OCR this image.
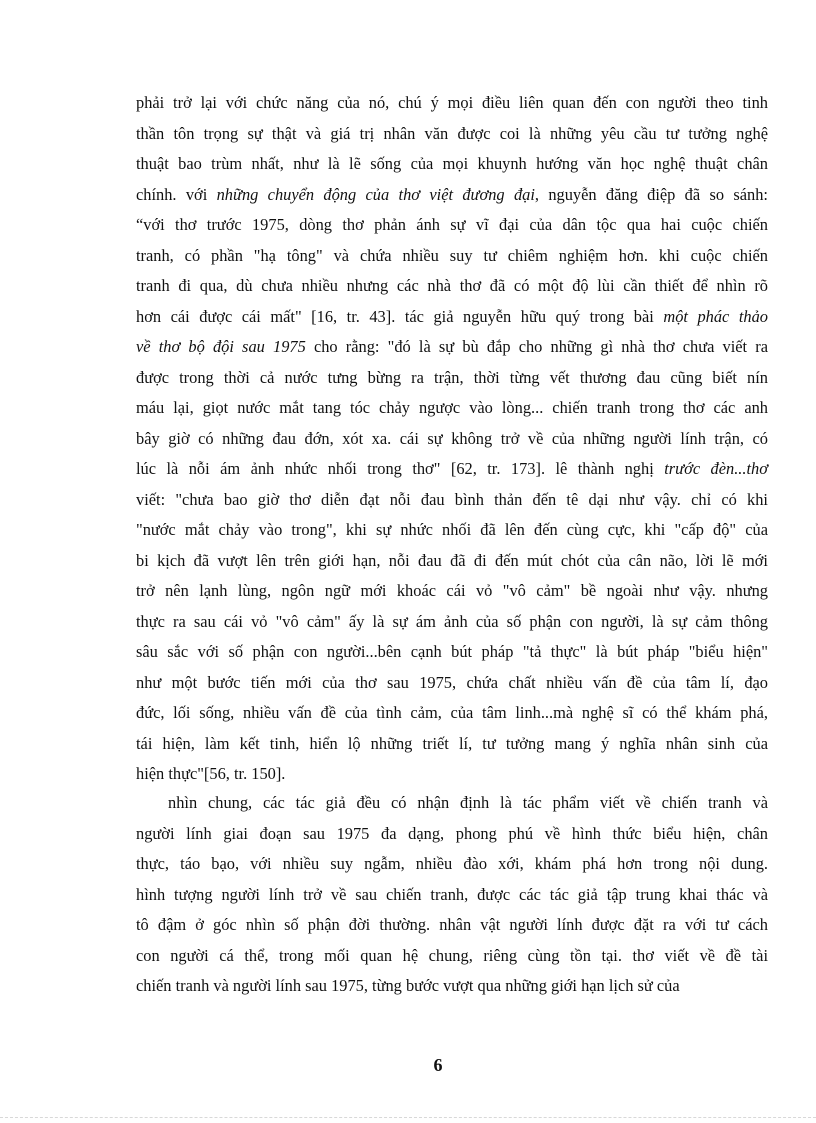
phải trở lại với chức năng của nó, chú ý mọi điều liên quan đến con người theo tinh
thần tôn trọng sự thật và giá trị nhân văn được coi là những yêu cầu tư tưởng nghệ
thuật bao trùm nhất, như là lẽ sống của mọi khuynh hướng văn học nghệ thuật chân
chính. với những chuyển động của thơ việt đương đại, nguyễn đăng điệp đã so sánh:
“với thơ trước 1975, dòng thơ phản ánh sự vĩ đại của dân tộc qua hai cuộc chiến
tranh, có phần "hạ tông" và chứa nhiều suy tư chiêm nghiệm hơn. khi cuộc chiến
tranh đi qua, dù chưa nhiều nhưng các nhà thơ đã có một độ lùi cần thiết để nhìn rõ
hơn cái được cái mất" [16, tr. 43]. tác giả nguyễn hữu quý trong bài một phác thảo
về thơ bộ đội sau 1975 cho rằng: "đó là sự bù đắp cho những gì nhà thơ chưa viết ra
được trong thời cả nước tưng bừng ra trận, thời từng vết thương đau cũng biết nín
máu lại, giọt nước mắt tang tóc chảy ngược vào lòng... chiến tranh trong thơ các anh
bây giờ có những đau đớn, xót xa. cái sự không trở về của những người lính trận, có
lúc là nỗi ám ảnh nhức nhối trong thơ" [62, tr. 173]. lê thành nghị trước đèn...thơ
viết: "chưa bao giờ thơ diễn đạt nỗi đau bình thản đến tê dại như vậy. chỉ có khi
"nước mắt chảy vào trong", khi sự nhức nhối đã lên đến cùng cực, khi "cấp độ" của
bi kịch đã vượt lên trên giới hạn, nỗi đau đã đi đến mút chót của cân não, lời lẽ mới
trở nên lạnh lùng, ngôn ngữ mới khoác cái vỏ "vô cảm" bề ngoài như vậy. nhưng
thực ra sau cái vỏ "vô cảm" ấy là sự ám ảnh của số phận con người, là sự cảm thông
sâu sắc với số phận con người...bên cạnh bút pháp "tả thực" là bút pháp "biểu hiện"
như một bước tiến mới của thơ sau 1975, chứa chất nhiều vấn đề của tâm lí, đạo
đức, lối sống, nhiều vấn đề của tình cảm, của tâm linh...mà nghệ sĩ có thể khám phá,
tái hiện, làm kết tinh, hiển lộ những triết lí, tư tưởng mang ý nghĩa nhân sinh của
hiện thực"[56, tr. 150].
nhìn chung, các tác giả đều có nhận định là tác phẩm viết về chiến tranh và
người lính giai đoạn sau 1975 đa dạng, phong phú về hình thức biểu hiện, chân
thực, táo bạo, với nhiều suy ngẫm, nhiều đào xới, khám phá hơn trong nội dung.
hình tượng người lính trở về sau chiến tranh, được các tác giả tập trung khai thác và
tô đậm ở góc nhìn số phận đời thường. nhân vật người lính được đặt ra với tư cách
con người cá thể, trong mối quan hệ chung, riêng cùng tồn tại. thơ viết về đề tài
chiến tranh và người lính sau 1975, từng bước vượt qua những giới hạn lịch sử của
6
